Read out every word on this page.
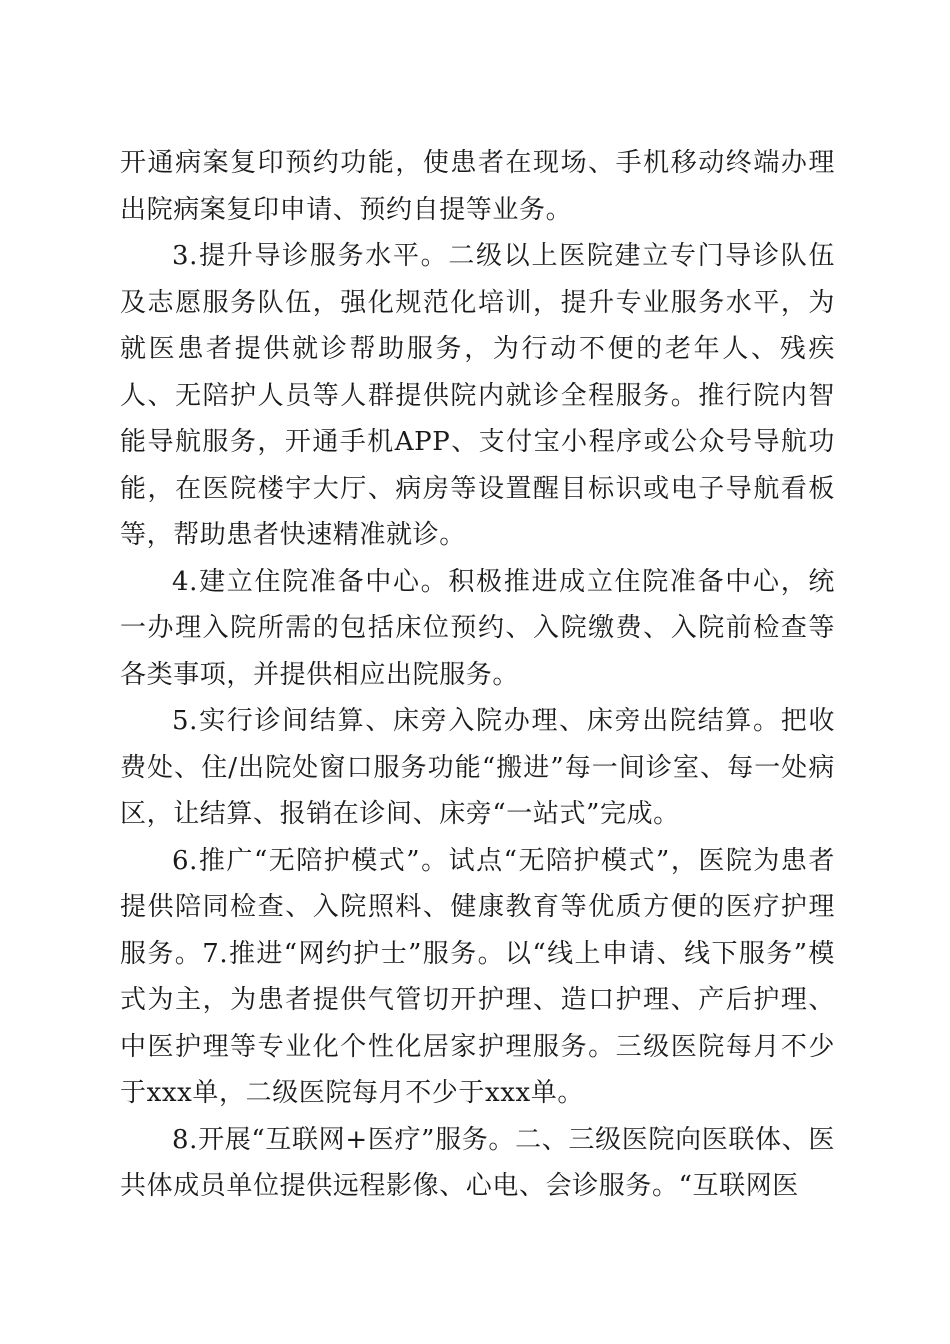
开通病案复印预约功能，使患者在现场、手机移动终端办理出院病案复印申请、预约自提等业务。

3.提升导诊服务水平。二级以上医院建立专门导诊队伍及志愿服务队伍，强化规范化培训，提升专业服务水平，为就医患者提供就诊帮助服务，为行动不便的老年人、残疾人、无陪护人员等人群提供院内就诊全程服务。推行院内智能导航服务，开通手机APP、支付宝小程序或公众号导航功能，在医院楼宇大厅、病房等设置醒目标识或电子导航看板等，帮助患者快速精准就诊。

4.建立住院准备中心。积极推进成立住院准备中心，统一办理入院所需的包括床位预约、入院缴费、入院前检查等各类事项，并提供相应出院服务。

5.实行诊间结算、床旁入院办理、床旁出院结算。把收费处、住/出院处窗口服务功能“搬进”每一间诊室、每一处病区，让结算、报销在诊间、床旁“一站式”完成。

6.推广“无陪护模式”。试点“无陪护模式”，医院为患者提供陪同检查、入院照料、健康教育等优质方便的医疗护理服务。7.推进“网约护士”服务。以“线上申请、线下服务”模式为主，为患者提供气管切开护理、造口护理、产后护理、中医护理等专业化个性化居家护理服务。三级医院每月不少于xxx单，二级医院每月不少于xxx单。

8.开展“互联网+医疗”服务。二、三级医院向医联体、医共体成员单位提供远程影像、心电、会诊服务。“互联网医
